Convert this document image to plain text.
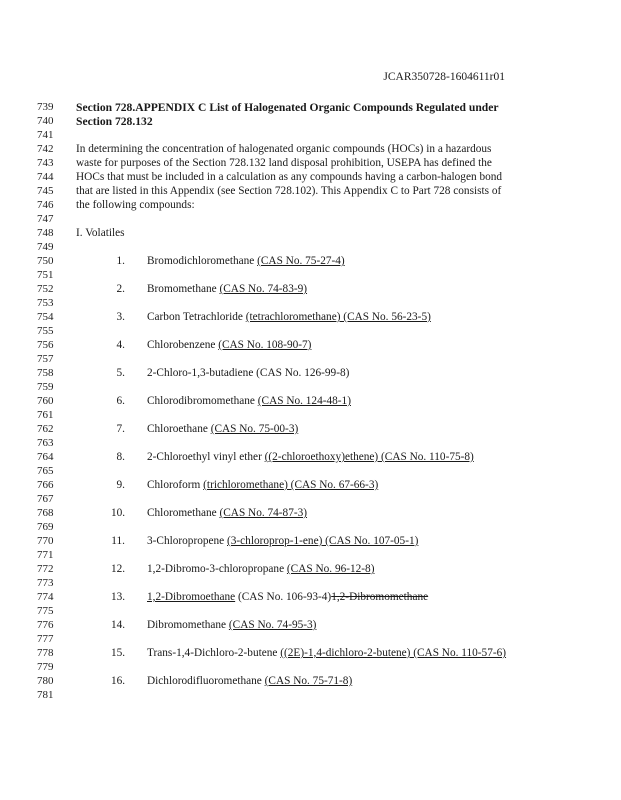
JCAR350728-1604611r01
739
740
741
742
743
744
745
746
747
748
749
750
751
752
753
754
755
756
757
758
759
760
761
762
763
764
765
766
767
768
769
770
771
772
773
774
775
776
777
778
779
780
781
Section 728.APPENDIX C List of Halogenated Organic Compounds Regulated under
Section 728.132
In determining the concentration of halogenated organic compounds (HOCs) in a hazardous
waste for purposes of the Section 728.132 land disposal prohibition, USEPA has defined the
HOCs that must be included in a calculation as any compounds having a carbon-halogen bond
that are listed in this Appendix (see Section 728.102). This Appendix C to Part 728 consists of
the following compounds:
I. Volatiles
1. Bromodichloromethane (CAS No. 75-27-4)
2. Bromomethane (CAS No. 74-83-9)
3. Carbon Tetrachloride (tetrachloromethane) (CAS No. 56-23-5)
4. Chlorobenzene (CAS No. 108-90-7)
5. 2-Chloro-1,3-butadiene (CAS No. 126-99-8)
6. Chlorodibromomethane (CAS No. 124-48-1)
7. Chloroethane (CAS No. 75-00-3)
8. 2-Chloroethyl vinyl ether ((2-chloroethoxy)ethene) (CAS No. 110-75-8)
9. Chloroform (trichloromethane) (CAS No. 67-66-3)
10. Chloromethane (CAS No. 74-87-3)
11. 3-Chloropropene (3-chloroprop-1-ene) (CAS No. 107-05-1)
12. 1,2-Dibromo-3-chloropropane (CAS No. 96-12-8)
13. 1,2-Dibromoethane (CAS No. 106-93-4)1,2-Dibromomethane
14. Dibromomethane (CAS No. 74-95-3)
15. Trans-1,4-Dichloro-2-butene ((2E)-1,4-dichloro-2-butene) (CAS No. 110-57-6)
16. Dichlorodifluoromethane (CAS No. 75-71-8)
